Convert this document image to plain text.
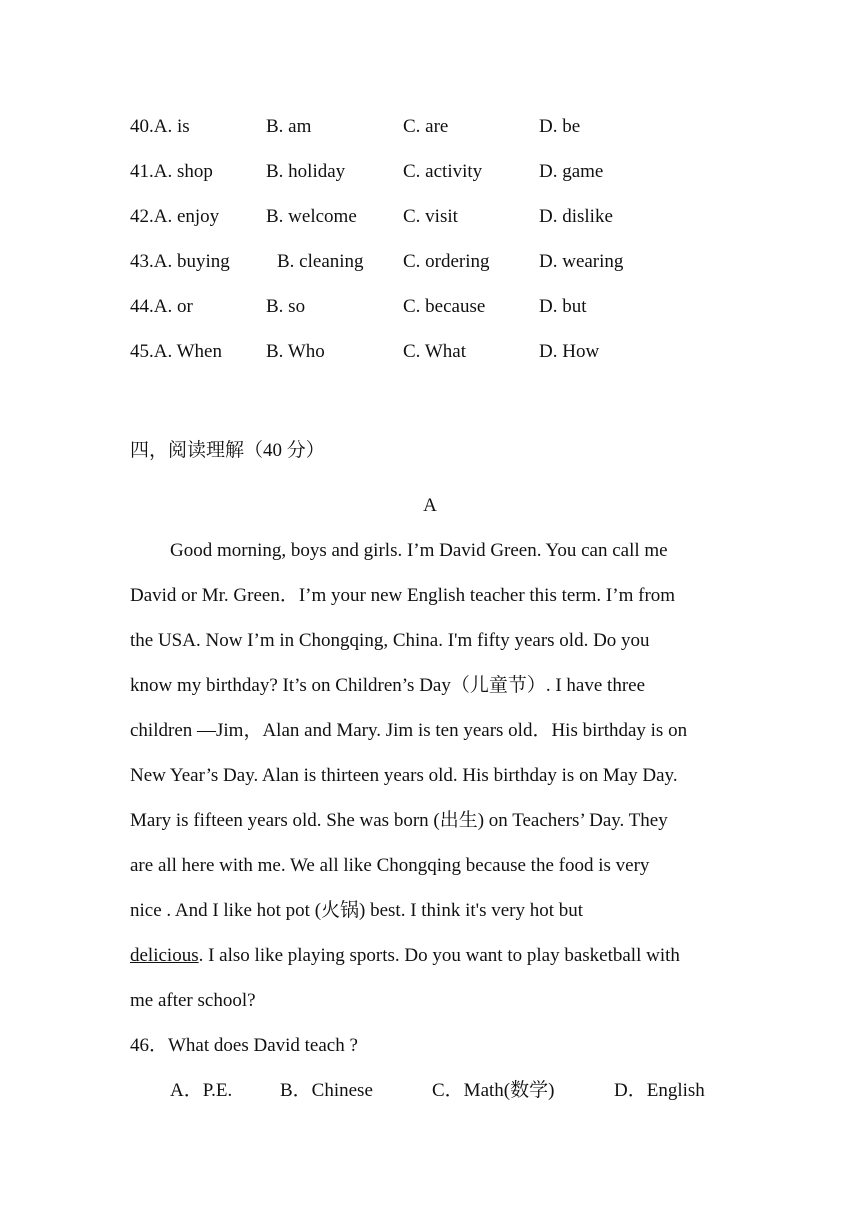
40.A. is	B. am	C. are	D. be
41.A. shop	B. holiday	C. activity	D. game
42.A. enjoy B. welcome C. visit	D. dislike
43.A. buying B. cleaning C. ordering	D. wearing
44.A. or	B. so	C. because	D. but
45.A. When B. Who	C. What	D. How
四，阅读理解（40 分）
A
Good morning, boys and girls. I’m David Green. You can call me
David or Mr. Green．I’m your new English teacher this term. I’m from
the USA. Now I’m in Chongqing, China. I'm fifty years old. Do you
know my birthday? It’s on Children’s Day（儿童节）. I have three
children —Jim，Alan and Mary. Jim is ten years old．His birthday is on
New Year’s Day. Alan is thirteen years old. His birthday is on May Day.
Mary is fifteen years old. She was born (出生) on Teachers’ Day. They
are all here with me. We all like Chongqing because the food is very
nice . And I like hot pot (火锅) best. I think it's very hot but
delicious. I also like playing sports. Do you want to play basketball with
me after school?
46．What does David teach ?
A．P.E.	B．Chinese	C．Math(数学)	D．English
